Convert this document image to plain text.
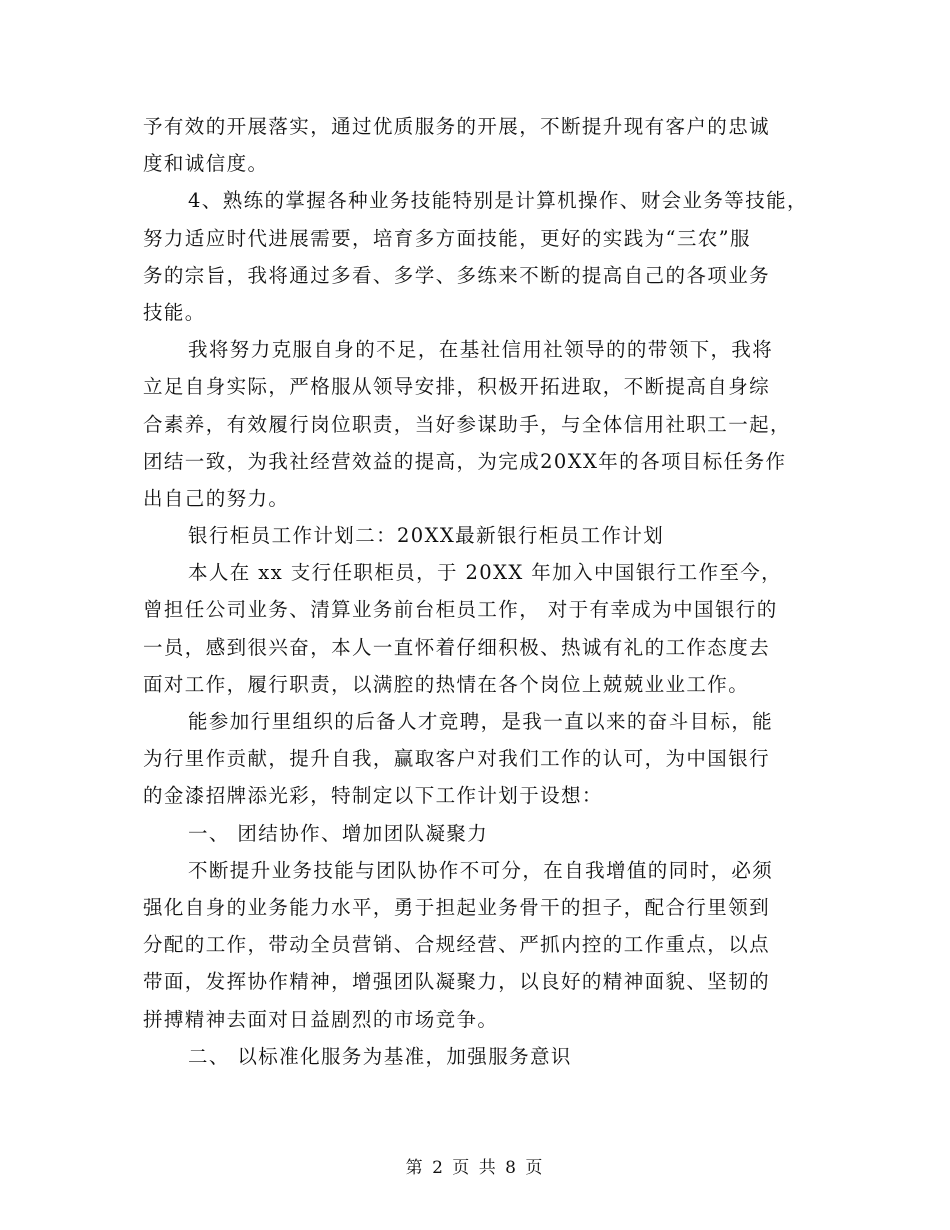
予有效的开展落实，通过优质服务的开展，不断提升现有客户的忠诚
度和诚信度。
4、熟练的掌握各种业务技能特别是计算机操作、财会业务等技能，
努力适应时代进展需要，培育多方面技能，更好的实践为“三农”服
务的宗旨，我将通过多看、多学、多练来不断的提高自己的各项业务
技能。
我将努力克服自身的不足，在基社信用社领导的的带领下，我将
立足自身实际，严格服从领导安排，积极开拓进取，不断提高自身综
合素养，有效履行岗位职责，当好参谋助手，与全体信用社职工一起，
团结一致，为我社经营效益的提高，为完成20XX年的各项目标任务作
出自己的努力。
银行柜员工作计划二：20XX最新银行柜员工作计划
本人在 xx 支行任职柜员，于 20XX 年加入中国银行工作至今，
曾担任公司业务、清算业务前台柜员工作， 对于有幸成为中国银行的
一员，感到很兴奋，本人一直怀着仔细积极、热诚有礼的工作态度去
面对工作，履行职责，以满腔的热情在各个岗位上兢兢业业工作。
能参加行里组织的后备人才竞聘，是我一直以来的奋斗目标，能
为行里作贡献，提升自我，赢取客户对我们工作的认可，为中国银行
的金漆招牌添光彩，特制定以下工作计划于设想：
一、 团结协作、增加团队凝聚力
不断提升业务技能与团队协作不可分，在自我增值的同时，必须
强化自身的业务能力水平，勇于担起业务骨干的担子，配合行里领到
分配的工作，带动全员营销、合规经营、严抓内控的工作重点，以点
带面，发挥协作精神，增强团队凝聚力，以良好的精神面貌、坚韧的
拼搏精神去面对日益剧烈的市场竞争。
二、 以标准化服务为基准，加强服务意识
第 2 页 共 8 页
